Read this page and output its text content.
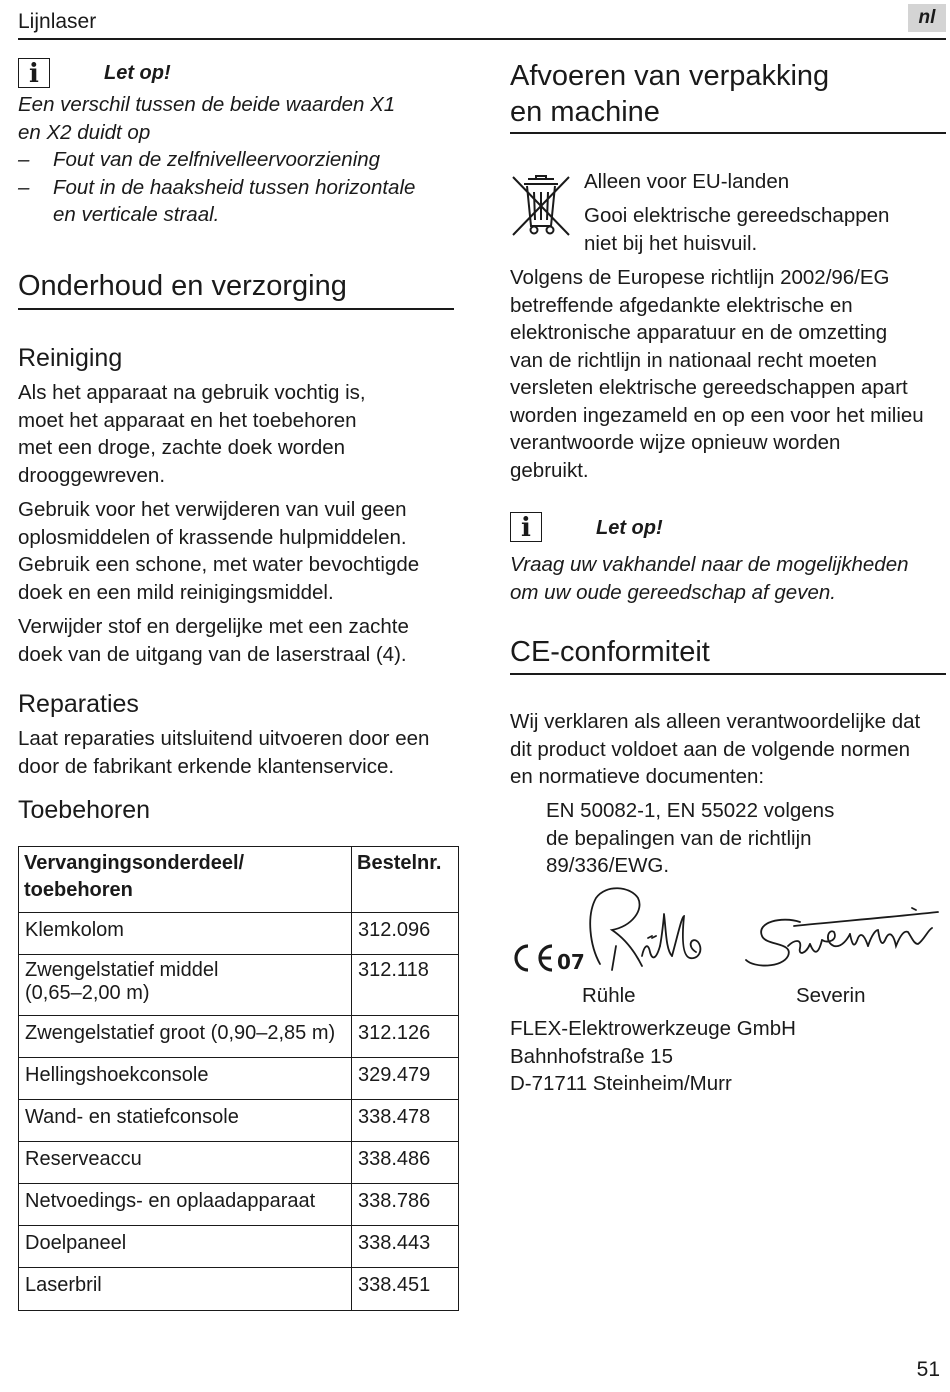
Lijnlaser	nl
i	Let op!
Een verschil tussen de beide waarden X1
en X2 duidt op
– Fout van de zelfnivelleervoorziening
– Fout in de haaksheid tussen horizontale
en verticale straal.
Onderhoud en verzorging
Reiniging
Als het apparaat na gebruik vochtig is,
moet het apparaat en het toebehoren
met een droge, zachte doek worden
drooggewreven.
Gebruik voor het verwijderen van vuil geen
oplosmiddelen of krassende hulpmiddelen.
Gebruik een schone, met water bevochtigde
doek en een mild reinigingsmiddel.
Verwijder stof en dergelijke met een zachte
doek van de uitgang van de laserstraal (4).
Reparaties
Laat reparaties uitsluitend uitvoeren door een
door de fabrikant erkende klantenservice.
Toebehoren
Vervangingsonderdeel/
toebehoren	Bestelnr.
Klemkolom	312.096

Zwengelstatief middel
(0,65–2,00 m)	312.118
Zwengelstatief groot (0,90–2,85 m)	312.126
Hellingshoekconsole	329.479
Wand- en statiefconsole	338.478
Reserveaccu	338.486
Netvoedings- en oplaadapparaat	338.786
Doelpaneel	338.443
Laserbril	338.451
Afvoeren van verpakking
en machine
Alleen voor EU-landen
Gooi elektrische gereedschappen
niet bij het huisvuil.
Volgens de Europese richtlijn 2002/96/EG
betreffende afgedankte elektrische en
elektronische apparatuur en de omzetting
van de richtlijn in nationaal recht moeten
versleten elektrische gereedschappen apart
worden ingezameld en op een voor het milieu
verantwoorde wijze opnieuw worden
gebruikt.
i	Let op!
Vraag uw vakhandel naar de mogelijkheden
om uw oude gereedschap af geven.
CE-conformiteit
Wij verklaren als alleen verantwoordelijke dat
dit product voldoet aan de volgende normen
en normatieve documenten:
EN 50082-1, EN 55022 volgens
de bepalingen van de richtlijn
89/336/EWG.
07
Rühle	Severin
FLEX-Elektrowerkzeuge GmbH
Bahnhofstraße 15
D-71711 Steinheim/Murr
51
